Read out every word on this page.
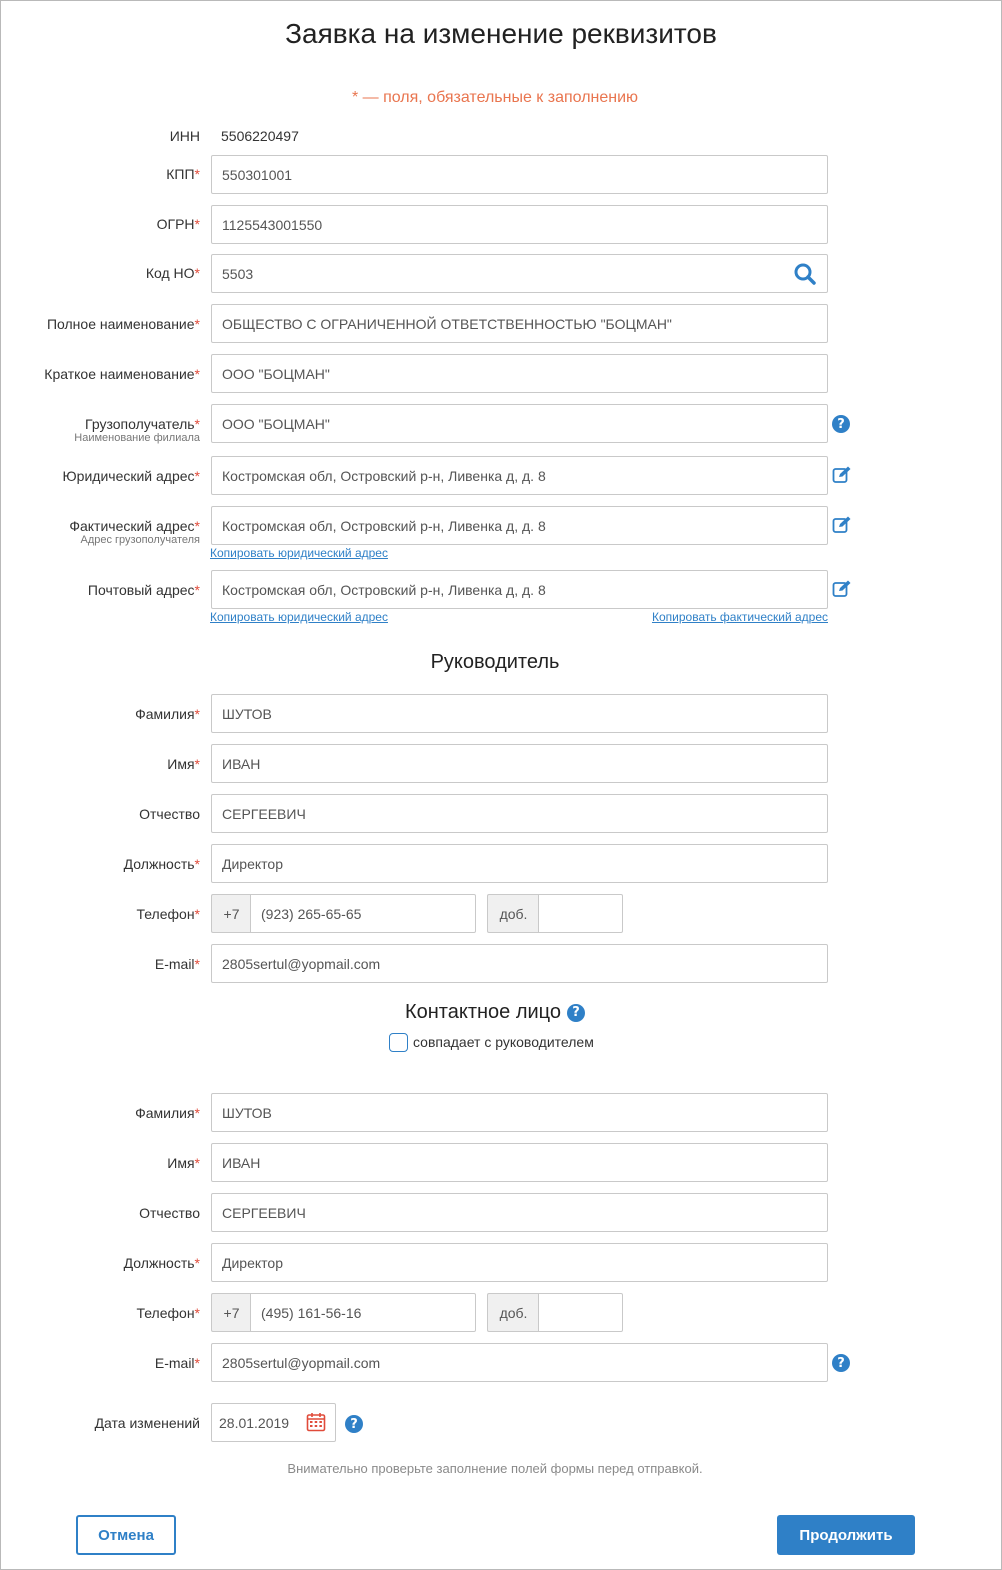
Заявка на изменение реквизитов
* — поля, обязательные к заполнению
ИНН 5506220497
КПП* 550301001
ОГРН* 1125543001550
Код НО* 5503
Полное наименование* ОБЩЕСТВО С ОГРАНИЧЕННОЙ ОТВЕТСТВЕННОСТЬЮ "БОЦМАН"
Краткое наименование* ООО "БОЦМАН"
Грузополучатель*
Наименование филиала
ООО "БОЦМАН"	?
Юридический адрес* Костромская обл, Островский р-н, Ливенка д, д. 8
Фактический адрес*
Адрес грузополучателя
Костромская обл, Островский р-н, Ливенка д, д. 8
Копировать юридический адрес
Почтовый адрес* Костромская обл, Островский р-н, Ливенка д, д. 8
Копировать юридический адрес	Копировать фактический адрес
Руководитель
Фамилия* ШУТОВ
Имя* ИВАН
Отчество СЕРГЕЕВИЧ
Должность* Директор
Телефон*	+7	(923) 265-65-65	доб.
E-mail* 2805sertul@yopmail.com
Контактное лицо ?
совпадает с руководителем
Фамилия* ШУТОВ
Имя* ИВАН
Отчество СЕРГЕЕВИЧ
Должность* Директор
Телефон*	+7	(495) 161-56-16	доб.
E-mail* 2805sertul@yopmail.com	?
Дата изменений 28.01.2019	?
Внимательно проверьте заполнение полей формы перед отправкой.
Отмена	Продолжить
